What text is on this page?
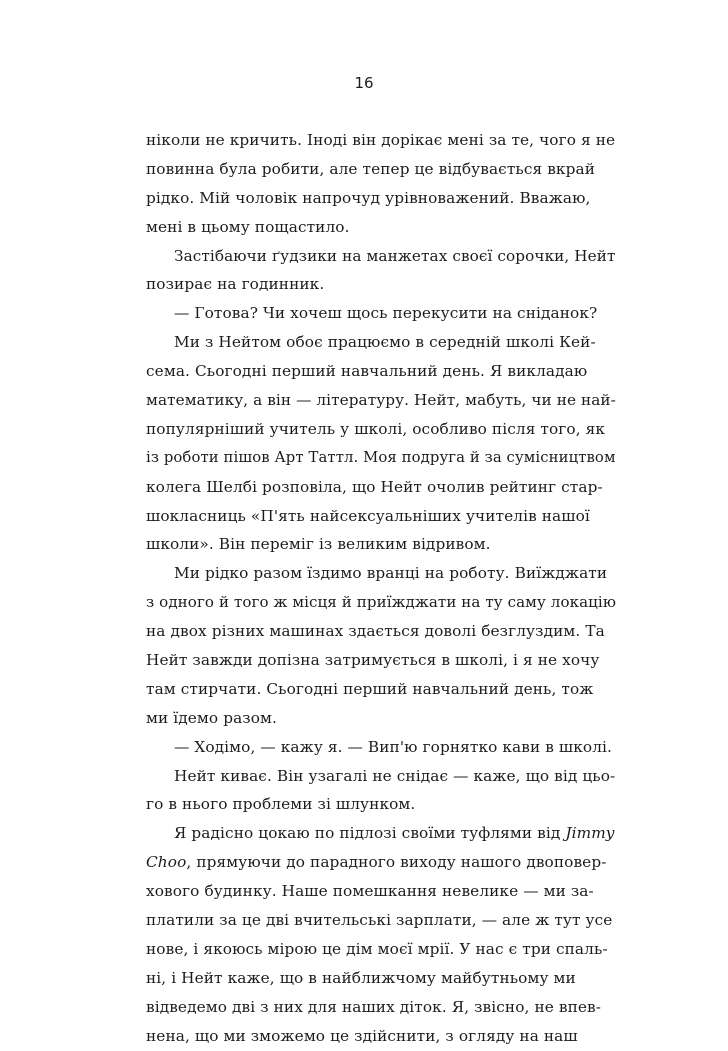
16
ніколи не кричить. Іноді він дорікає мені за те, чого я не
повинна була робити, але тепер це відбувається вкрай
рідко. Мій чоловік напрочуд урівноважений. Вважаю,
мені в цьому пощастило.
Застібаючи ґудзики на манжетах своєї сорочки, Нейт
позирає на годинник.
— Готова? Чи хочеш щось перекусити на сніданок?
Ми з Нейтом обоє працюємо в середній школі Кей-
сема. Сьогодні перший навчальний день. Я викладаю
математику, а він — літературу. Нейт, мабуть, чи не най-
популярніший учитель у школі, особливо після того, як
із роботи пішов Арт Таттл. Моя подруга й за сумісництвом
колега Шелбі розповіла, що Нейт очолив рейтинг стар-
шокласниць «П'ять найсексуальніших учителів нашої
школи». Він переміг із великим відривом.
Ми рідко разом їздимо вранці на роботу. Виїжджати
з одного й того ж місця й приїжджати на ту саму локацію
на двох різних машинах здається доволі безглуздим. Та
Нейт завжди допізна затримується в школі, і я не хочу
там стирчати. Сьогодні перший навчальний день, тож
ми їдемо разом.
— Ходімо, — кажу я. — Вип'ю горнятко кави в школі.
Нейт киває. Він узагалі не снідає — каже, що від цьо-
го в нього проблеми зі шлунком.
Я радісно цокаю по підлозі своїми туфлями від Jimmy
Choo, прямуючи до парадного виходу нашого двоповер-
хового будинку. Наше помешкання невелике — ми за-
платили за це дві вчительські зарплати, — але ж тут усе
нове, і якоюсь мірою це дім моєї мрії. У нас є три спаль-
ні, і Нейт каже, що в найближчому майбутньому ми
відведемо дві з них для наших діток. Я, звісно, не впев-
нена, що ми зможемо це здійснити, з огляду на наш
